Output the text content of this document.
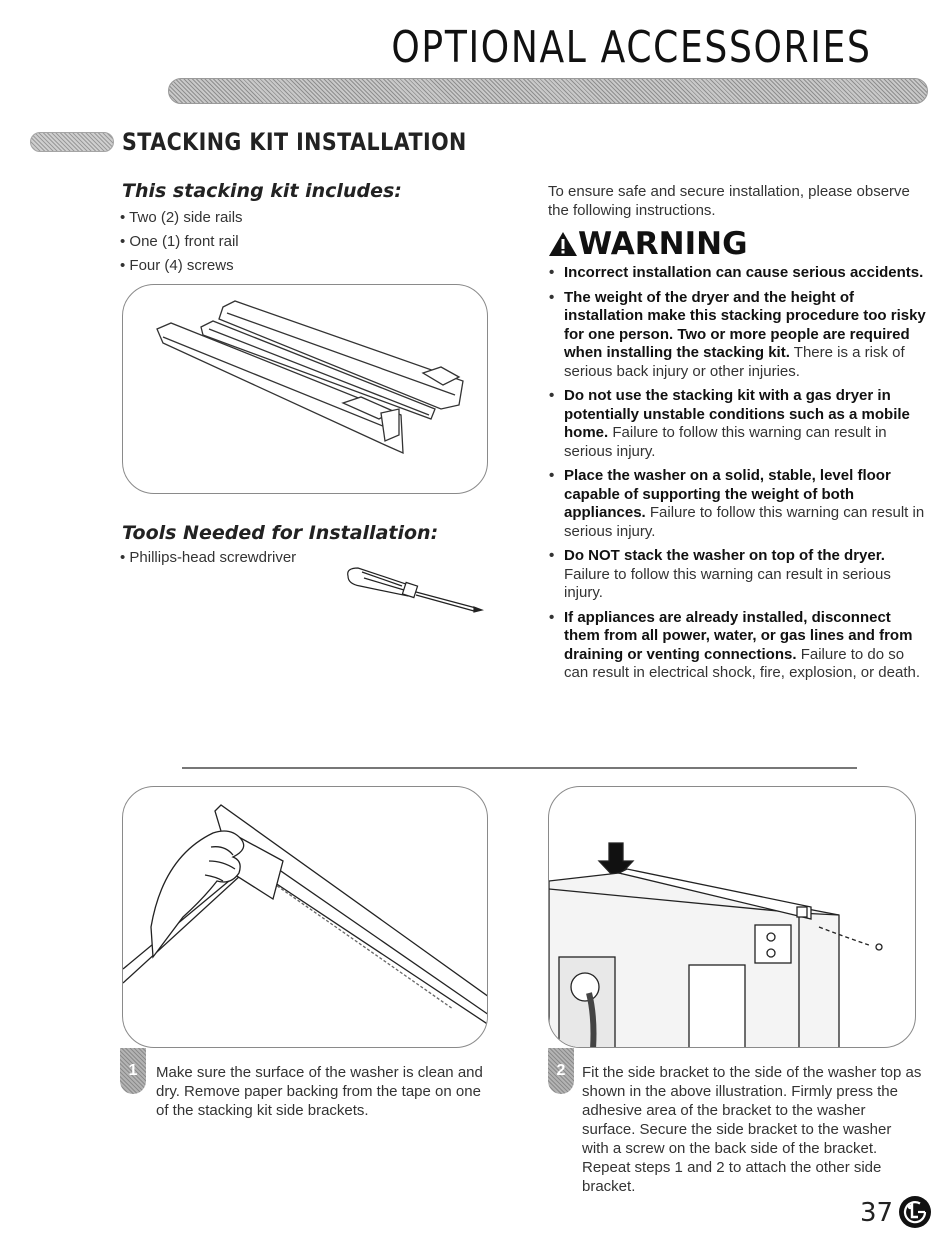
OPTIONAL ACCESSORIES
STACKING KIT INSTALLATION
This stacking kit includes:
• Two (2) side rails
• One (1) front rail
• Four (4) screws
Tools Needed for Installation:
• Phillips-head screwdriver
To ensure safe and secure installation, please observe the following instructions.
WARNING
• Incorrect installation can cause serious accidents.
• The weight of the dryer and the height of installation make this stacking procedure too risky for one person. Two or more people are required when installing the stacking kit. There is a risk of serious back injury or other injuries.
• Do not use the stacking kit with a gas dryer in potentially unstable conditions such as a mobile home. Failure to follow this warning can result in serious injury.
• Place the washer on a solid, stable, level floor capable of supporting the weight of both appliances. Failure to follow this warning can result in serious injury.
• Do NOT stack the washer on top of the dryer. Failure to follow this warning can result in serious injury.
• If appliances are already installed, disconnect them from all power, water, or gas lines and from draining or venting connections. Failure to do so can result in electrical shock, fire, explosion, or death.
1	Make sure the surface of the washer is clean and dry. Remove paper backing from the tape on one of the stacking kit side brackets.
2	Fit the side bracket to the side of the washer top as shown in the above illustration. Firmly press the adhesive area of the bracket to the washer surface. Secure the side bracket to the washer with a screw on the back side of the bracket. Repeat steps 1 and 2 to attach the other side bracket.
37
